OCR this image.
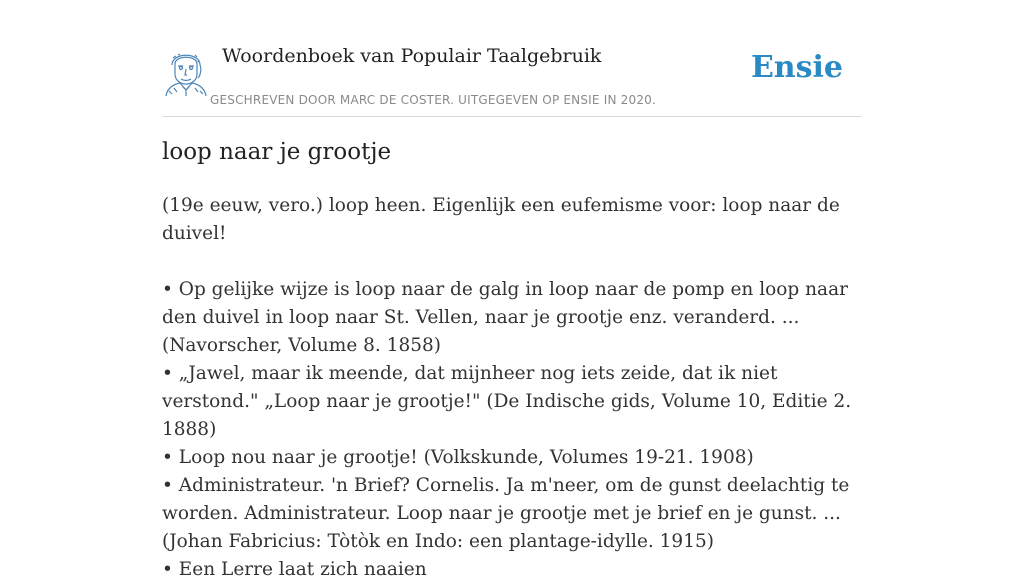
Woordenboek van Populair Taalgebruik
GESCHREVEN DOOR MARC DE COSTER. UITGEGEVEN OP ENSIE IN 2020.
Ensie
loop naar je grootje

(19e eeuw, vero.) loop heen. Eigenlijk een eufemisme voor: loop naar de duivel!

• Op gelijke wijze is loop naar de galg in loop naar de pomp en loop naar den duivel in loop naar St. Vellen, naar je grootje enz. veranderd. ... (Navorscher, Volume 8. 1858)

• „Jawel, maar ik meende, dat mijnheer nog iets zeide, dat ik niet verstond." „Loop naar je grootje!" (De Indische gids, Volume 10, Editie 2. 1888)

• Loop nou naar je grootje! (Volkskunde, Volumes 19-21. 1908)

• Administrateur. 'n Brief? Cornelis. Ja m'neer, om de gunst deelachtig te worden. Administrateur. Loop naar je grootje met je brief en je gunst. ... (Johan Fabricius: Tòtòk en Indo: een plantage-idylle. 1915)

• Een Lerre laat zich naaien
